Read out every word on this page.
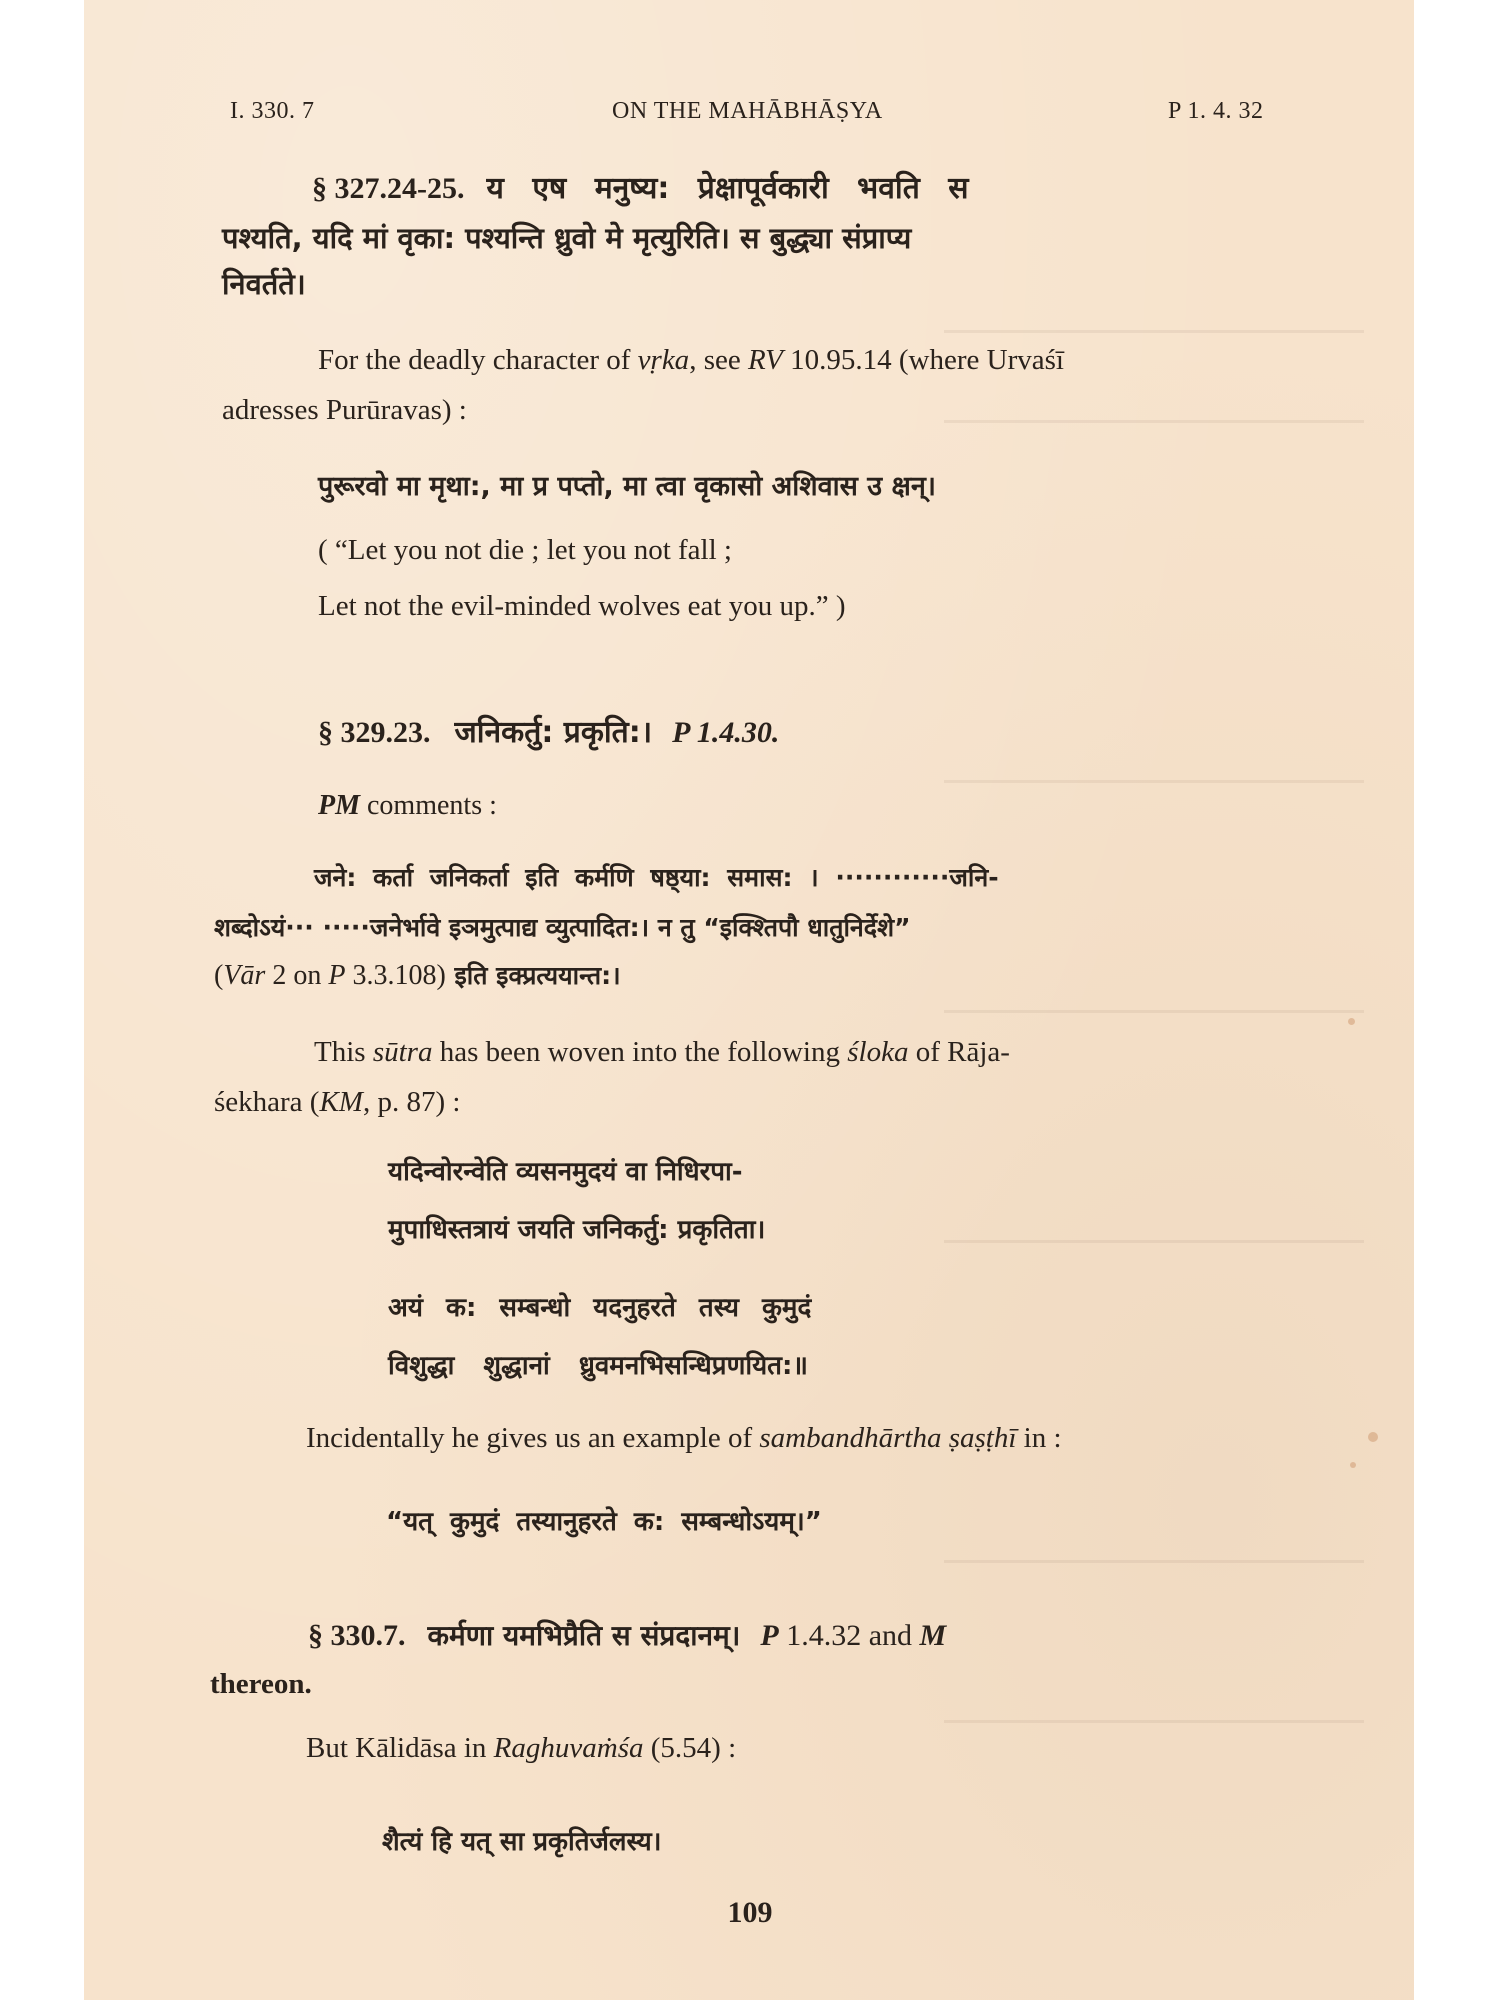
I. 330. 7	ON THE MAHĀBHĀṢYA	P 1. 4. 32
§ 327.24-25. य एष मनुष्य: प्रेक्षापूर्वकारी भवति स
पश्यति, यदि मां वृका: पश्यन्ति ध्रुवो मे मृत्युरिति। स बुद्ध्या संप्राप्य
निवर्तते।
For the deadly character of vṛka, see RV 10.95.14 (where Urvaśī
adresses Purūravas) :
पुरूरवो मा मृथा:, मा प्र पप्तो, मा त्वा वृकासो अशिवास उ क्षन्।
( “Let you not die ; let you not fall ;
Let not the evil-minded wolves eat you up.” )
§ 329.23. जनिकर्तु: प्रकृति:। P 1.4.30.
PM comments :
जने: कर्ता जनिकर्ता इति कर्मणि षष्ठ्या: समास: । ············जनि-
शब्दोऽयं··· ·····जनेर्भावे इञमुत्पाद्य व्युत्पादित:। न तु “इक्श्तिपौ धातुनिर्देशे”
(Vār 2 on P 3.3.108) इति इक्प्रत्ययान्त:।
This sūtra has been woven into the following śloka of Rāja-
śekhara (KM, p. 87) :
यदिन्वोरन्वेति व्यसनमुदयं वा निधिरपा-
मुपाधिस्तत्रायं जयति जनिकर्तु: प्रकृतिता।
अयं क: सम्बन्धो यदनुहरते तस्य कुमुदं
विशुद्धा शुद्धानां ध्रुवमनभिसन्धिप्रणयित:॥
Incidentally he gives us an example of sambandhārtha ṣaṣṭhī in :
“यत् कुमुदं तस्यानुहरते क: सम्बन्धोऽयम्।”
§ 330.7. कर्मणा यमभिप्रैति स संप्रदानम्। P 1.4.32 and M
thereon.
But Kālidāsa in Raghuvaṁśa (5.54) :
शैत्यं हि यत् सा प्रकृतिर्जलस्य।
109
